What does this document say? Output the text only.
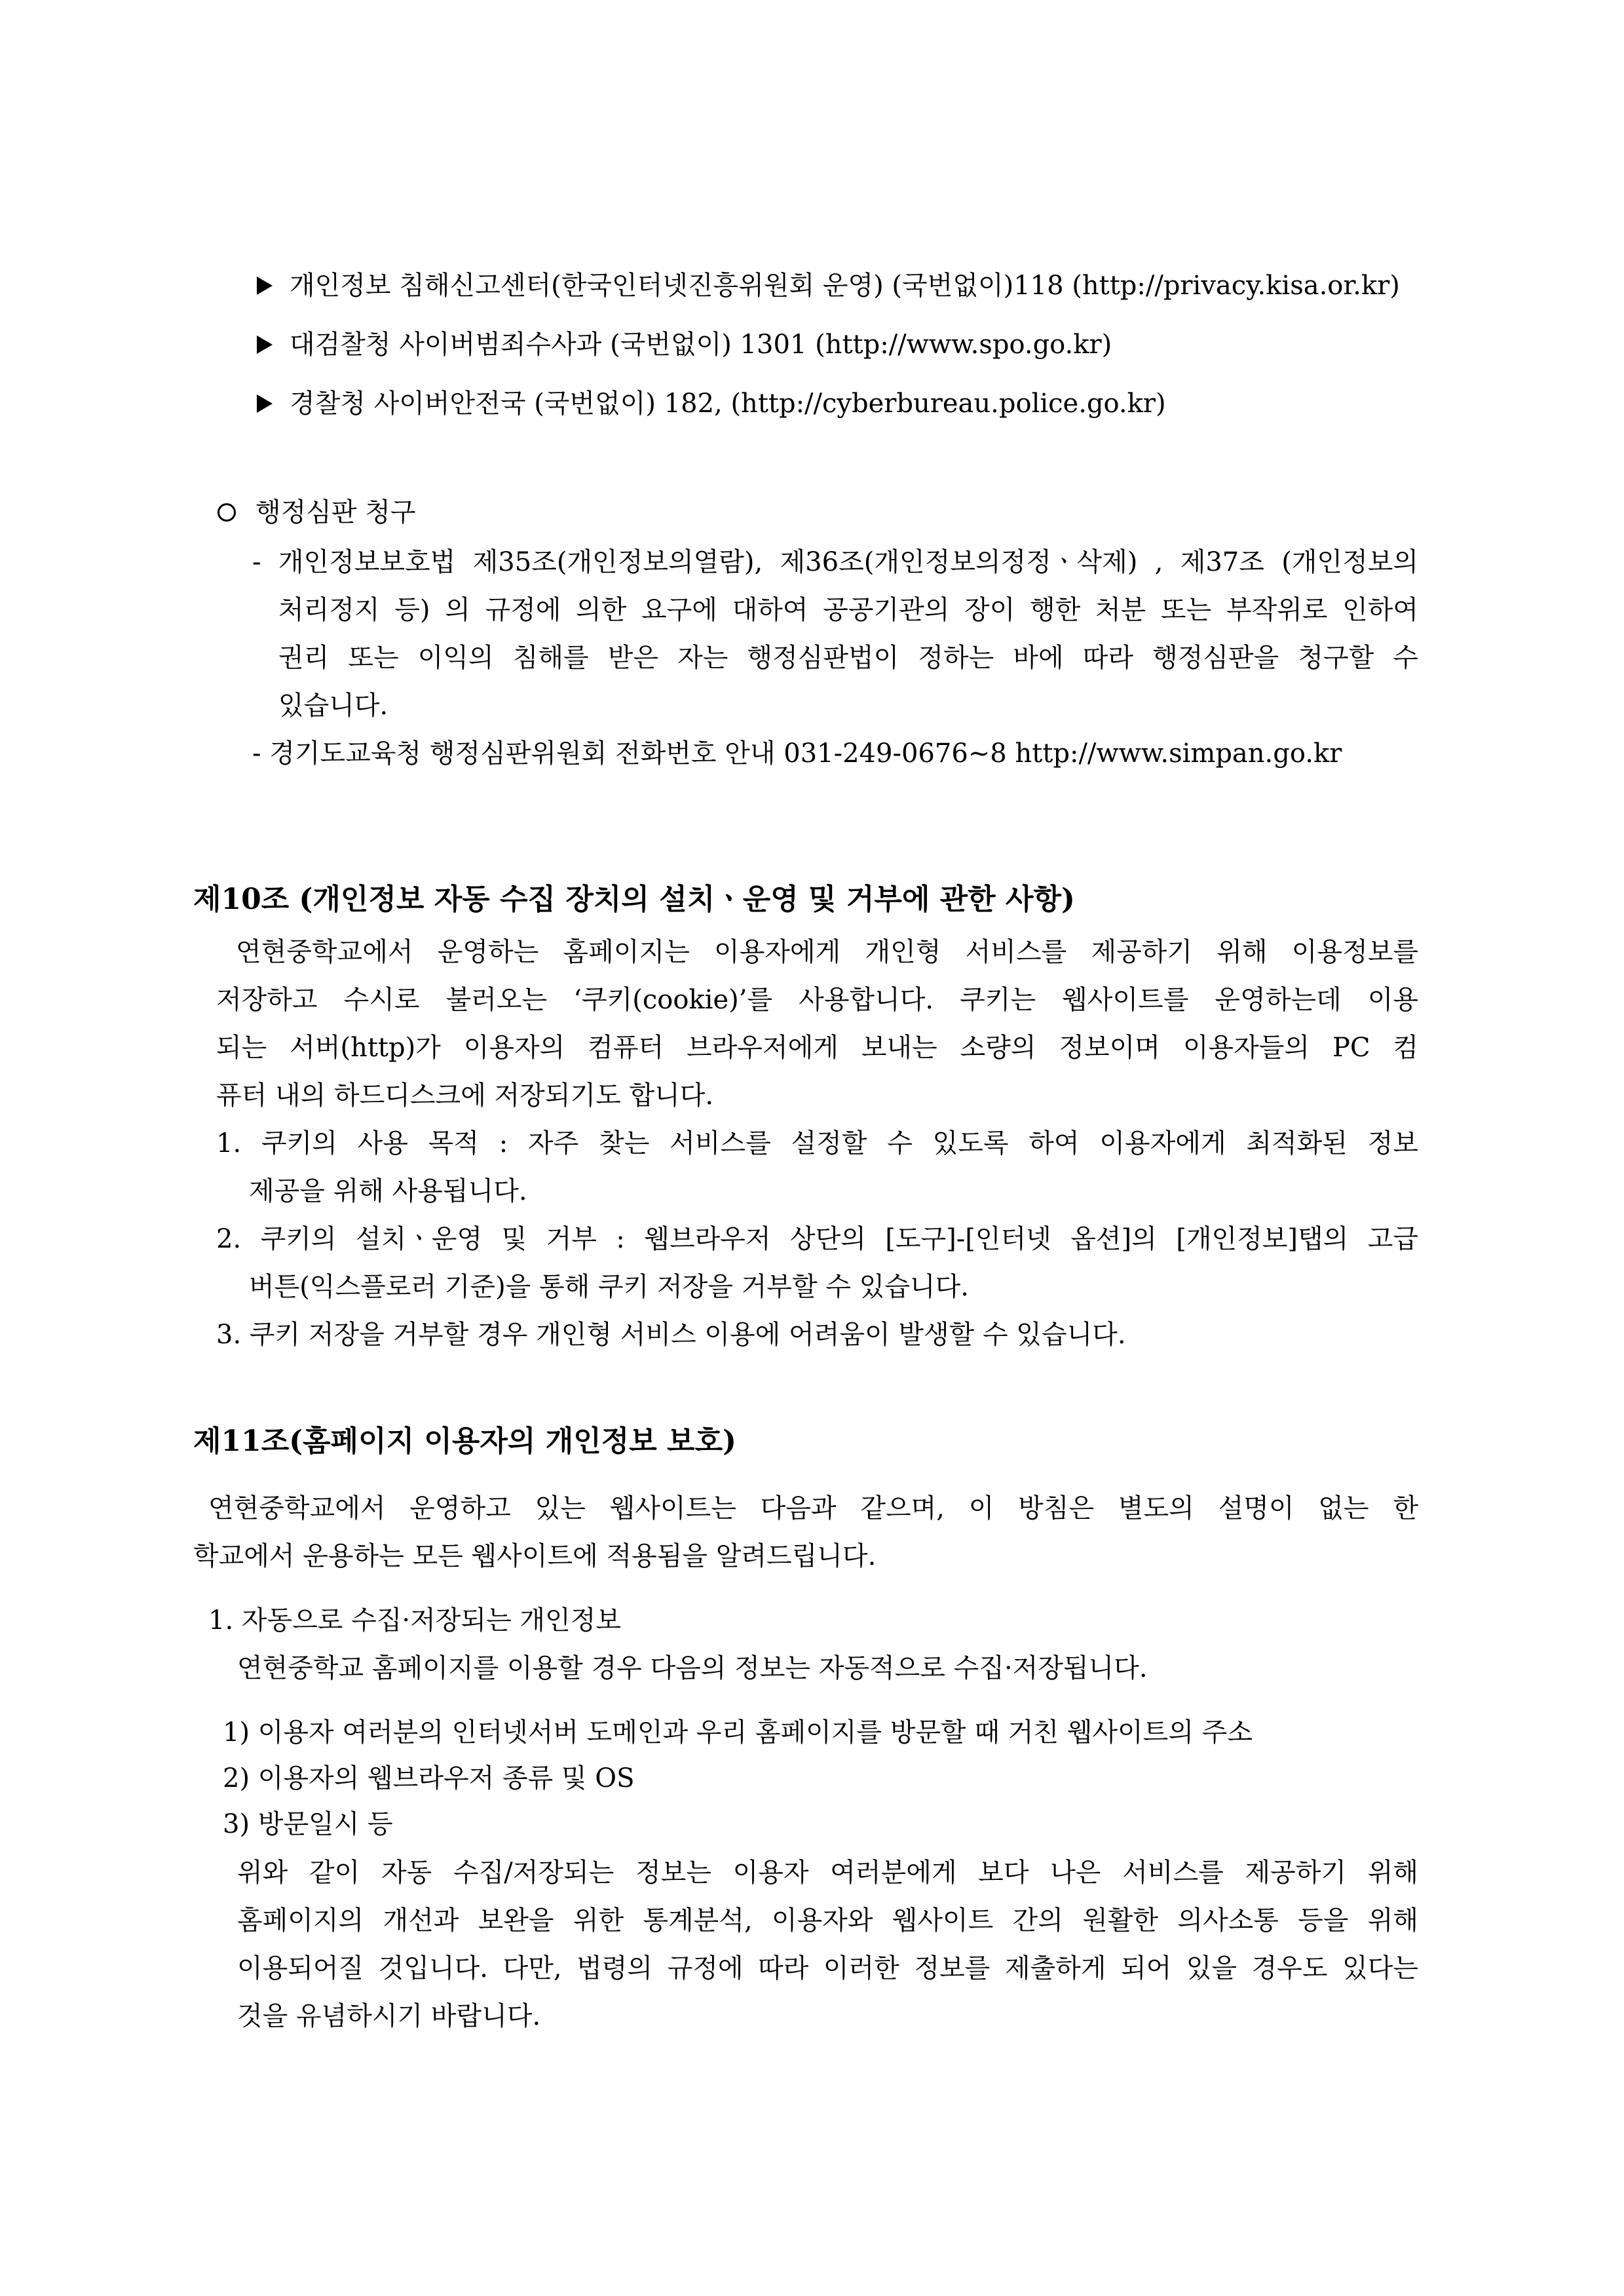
개인정보 침해신고센터(한국인터넷진흥위원회 운영) (국번없이)118 (http://privacy.kisa.or.kr)
대검찰청 사이버범죄수사과 (국번없이) 1301 (http://www.spo.go.kr)
경찰청 사이버안전국 (국번없이) 182, (http://cyberbureau.police.go.kr)
행정심판 청구
- 개인정보보호법 제35조(개인정보의열람), 제36조(개인정보의정정ㆍ삭제) , 제37조 (개인정보의
처리정지 등) 의 규정에 의한 요구에 대하여 공공기관의 장이 행한 처분 또는 부작위로 인하여
권리 또는 이익의 침해를 받은 자는 행정심판법이 정하는 바에 따라 행정심판을 청구할 수
있습니다.
- 경기도교육청 행정심판위원회 전화번호 안내 031-249-0676~8 http://www.simpan.go.kr
제10조 (개인정보 자동 수집 장치의 설치ㆍ운영 및 거부에 관한 사항)
연현중학교에서 운영하는 홈페이지는 이용자에게 개인형 서비스를 제공하기 위해 이용정보를
저장하고 수시로 불러오는 ‘쿠키(cookie)’를 사용합니다. 쿠키는 웹사이트를 운영하는데 이용
되는 서버(http)가 이용자의 컴퓨터 브라우저에게 보내는 소량의 정보이며 이용자들의 PC 컴
퓨터 내의 하드디스크에 저장되기도 합니다.
1. 쿠키의 사용 목적 : 자주 찾는 서비스를 설정할 수 있도록 하여 이용자에게 최적화된 정보
제공을 위해 사용됩니다.
2. 쿠키의 설치ㆍ운영 및 거부 : 웹브라우저 상단의 [도구]-[인터넷 옵션]의 [개인정보]탭의 고급
버튼(익스플로러 기준)을 통해 쿠키 저장을 거부할 수 있습니다.
3. 쿠키 저장을 거부할 경우 개인형 서비스 이용에 어려움이 발생할 수 있습니다.
제11조(홈페이지 이용자의 개인정보 보호)
연현중학교에서 운영하고 있는 웹사이트는 다음과 같으며, 이 방침은 별도의 설명이 없는 한
학교에서 운용하는 모든 웹사이트에 적용됨을 알려드립니다.
1. 자동으로 수집·저장되는 개인정보
연현중학교 홈페이지를 이용할 경우 다음의 정보는 자동적으로 수집·저장됩니다.
1) 이용자 여러분의 인터넷서버 도메인과 우리 홈페이지를 방문할 때 거친 웹사이트의 주소
2) 이용자의 웹브라우저 종류 및 OS
3) 방문일시 등
위와 같이 자동 수집/저장되는 정보는 이용자 여러분에게 보다 나은 서비스를 제공하기 위해
홈페이지의 개선과 보완을 위한 통계분석, 이용자와 웹사이트 간의 원활한 의사소통 등을 위해
이용되어질 것입니다. 다만, 법령의 규정에 따라 이러한 정보를 제출하게 되어 있을 경우도 있다는
것을 유념하시기 바랍니다.
